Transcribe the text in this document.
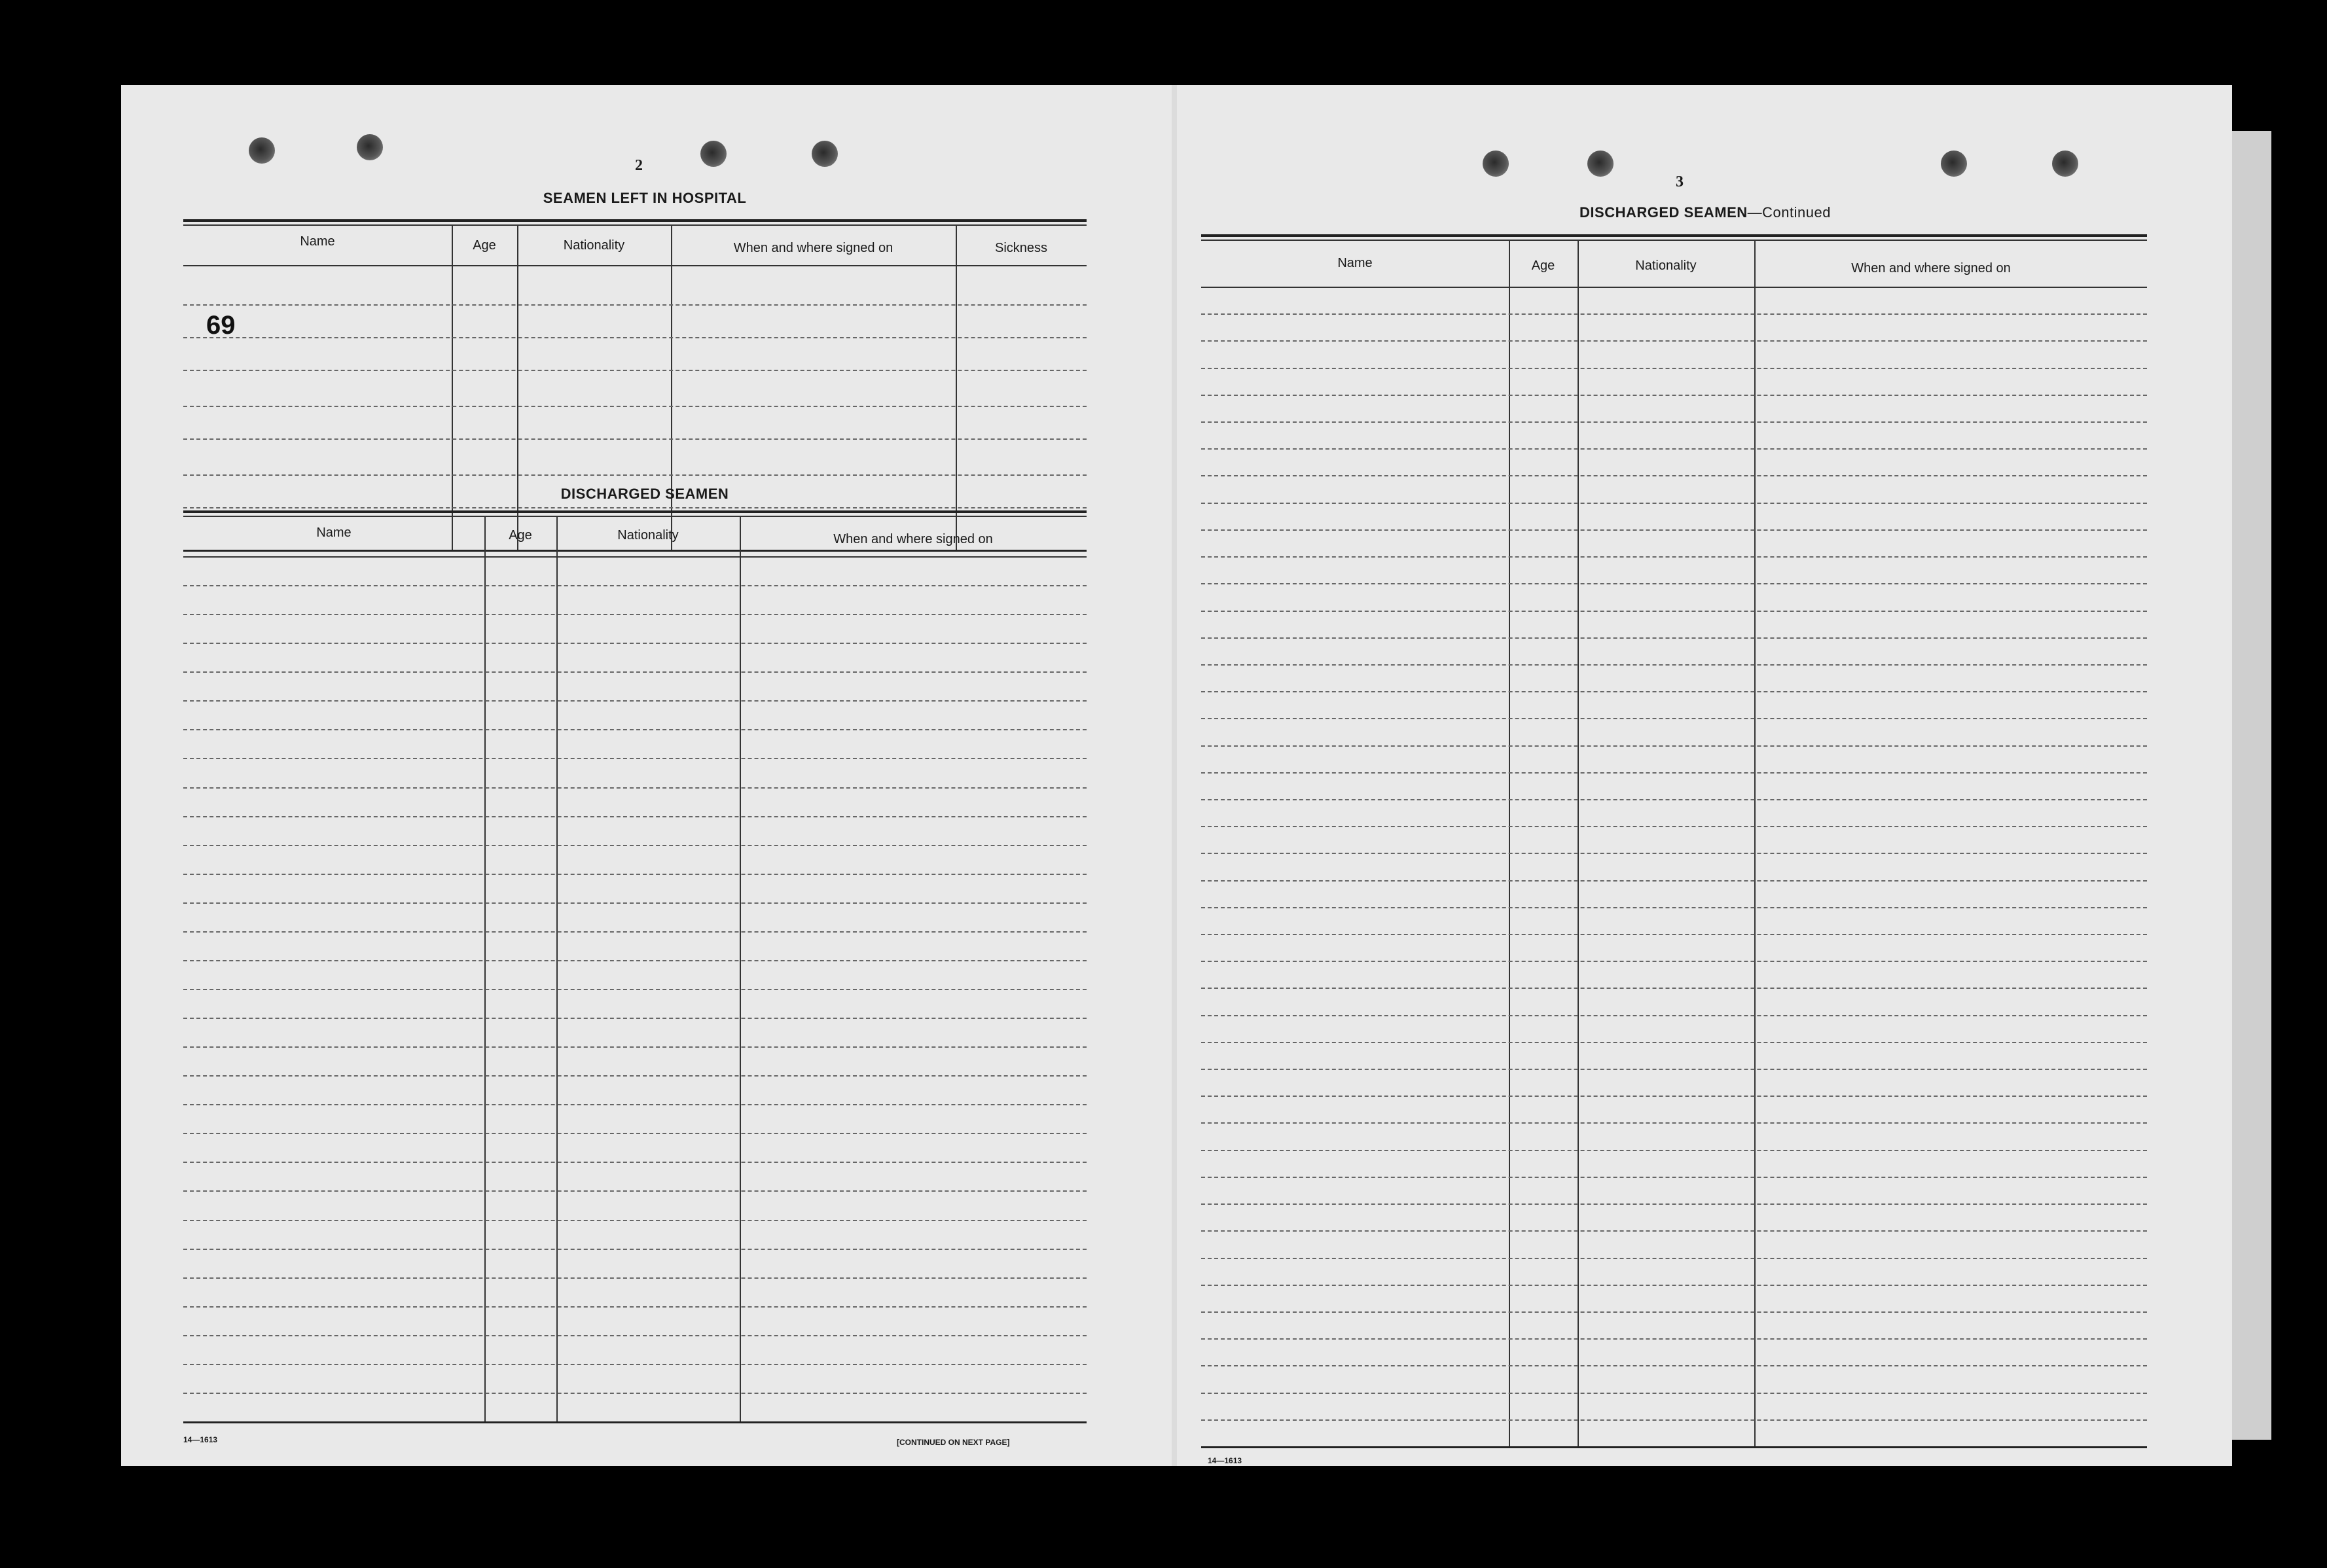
2
SEAMEN LEFT IN HOSPITAL
Name	Age	Nationality	When and where signed on	Sickness
69
DISCHARGED SEAMEN
Name	Age	Nationality	When and where signed on
14—1613	[CONTINUED ON NEXT PAGE]
3
DISCHARGED SEAMEN—Continued
Name	Age	Nationality	When and where signed on
14—1613
